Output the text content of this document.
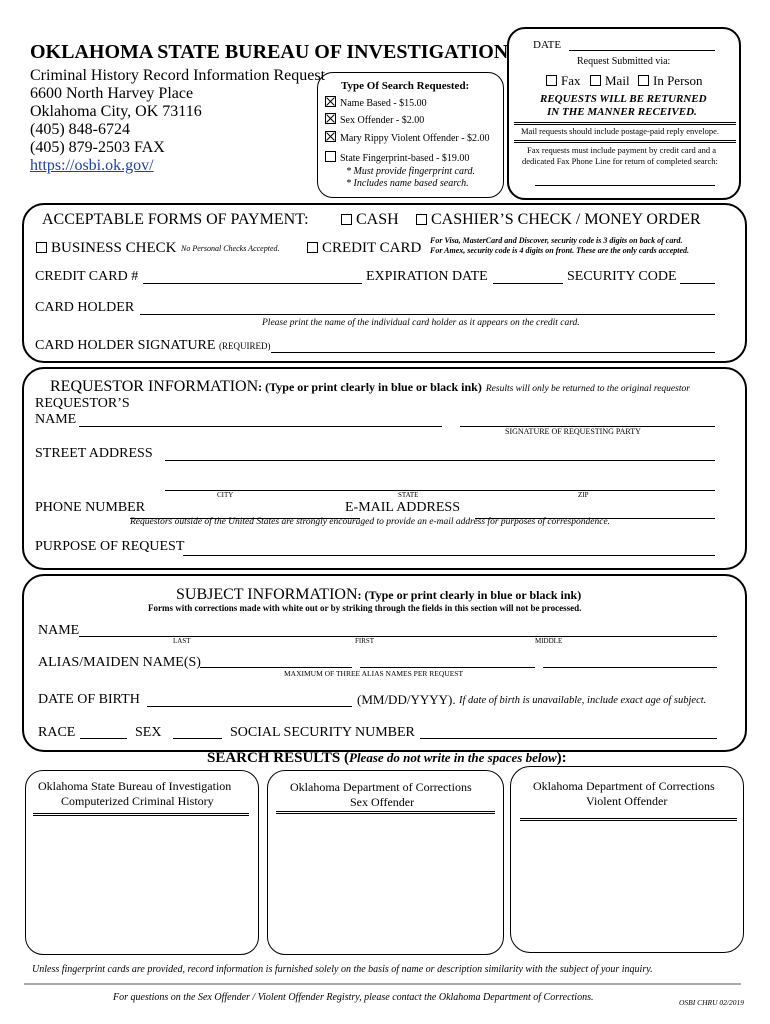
OKLAHOMA STATE BUREAU OF INVESTIGATION
Criminal History Record Information Request
6600 North Harvey Place
Oklahoma City, OK 73116
(405) 848-6724
(405) 879-2503 FAX
https://osbi.ok.gov/
Type Of Search Requested:
Name Based - $15.00
Sex Offender - $2.00
Mary Rippy Violent Offender - $2.00
State Fingerprint-based - $19.00
* Must provide fingerprint card.
* Includes name based search.
DATE
Request Submitted via:
Fax	Mail	In Person
REQUESTS WILL BE RETURNED
IN THE MANNER RECEIVED.
Mail requests should include postage-paid reply envelope.
Fax requests must include payment by credit card and a
dedicated Fax Phone Line for return of completed search:
ACCEPTABLE FORMS OF PAYMENT:	CASH	CASHIER’S CHECK / MONEY ORDER
BUSINESS CHECK No Personal Checks Accepted.	CREDIT CARD For Visa, MasterCard and Discover, security code is 3 digits on back of card.
For Amex, security code is 4 digits on front. These are the only cards accepted.
CREDIT CARD #	EXPIRATION DATE	SECURITY CODE
CARD HOLDER
Please print the name of the individual card holder as it appears on the credit card.
CARD HOLDER SIGNATURE (REQUIRED)
REQUESTOR INFORMATION: (Type or print clearly in blue or black ink) Results will only be returned to the original requestor
REQUESTOR’S
NAME
SIGNATURE OF REQUESTING PARTY
STREET ADDRESS
CITY	STATE	ZIP
PHONE NUMBER	E-MAIL ADDRESS
Requestors outside of the United States are strongly encouraged to provide an e-mail address for purposes of correspondence.
PURPOSE OF REQUEST
SUBJECT INFORMATION: (Type or print clearly in blue or black ink)
Forms with corrections made with white out or by striking through the fields in this section will not be processed.
NAME
LAST	FIRST	MIDDLE
ALIAS/MAIDEN NAME(S)
MAXIMUM OF THREE ALIAS NAMES PER REQUEST
DATE OF BIRTH	(MM/DD/YYYY). If date of birth is unavailable, include exact age of subject.
RACE	SEX	SOCIAL SECURITY NUMBER
SEARCH RESULTS (Please do not write in the spaces below):
Oklahoma State Bureau of Investigation
Computerized Criminal History
Oklahoma Department of Corrections
Sex Offender
Oklahoma Department of Corrections
Violent Offender
Unless fingerprint cards are provided, record information is furnished solely on the basis of name or description similarity with the subject of your inquiry.
For questions on the Sex Offender / Violent Offender Registry, please contact the Oklahoma Department of Corrections.	OSBI CHRU 02/2019
